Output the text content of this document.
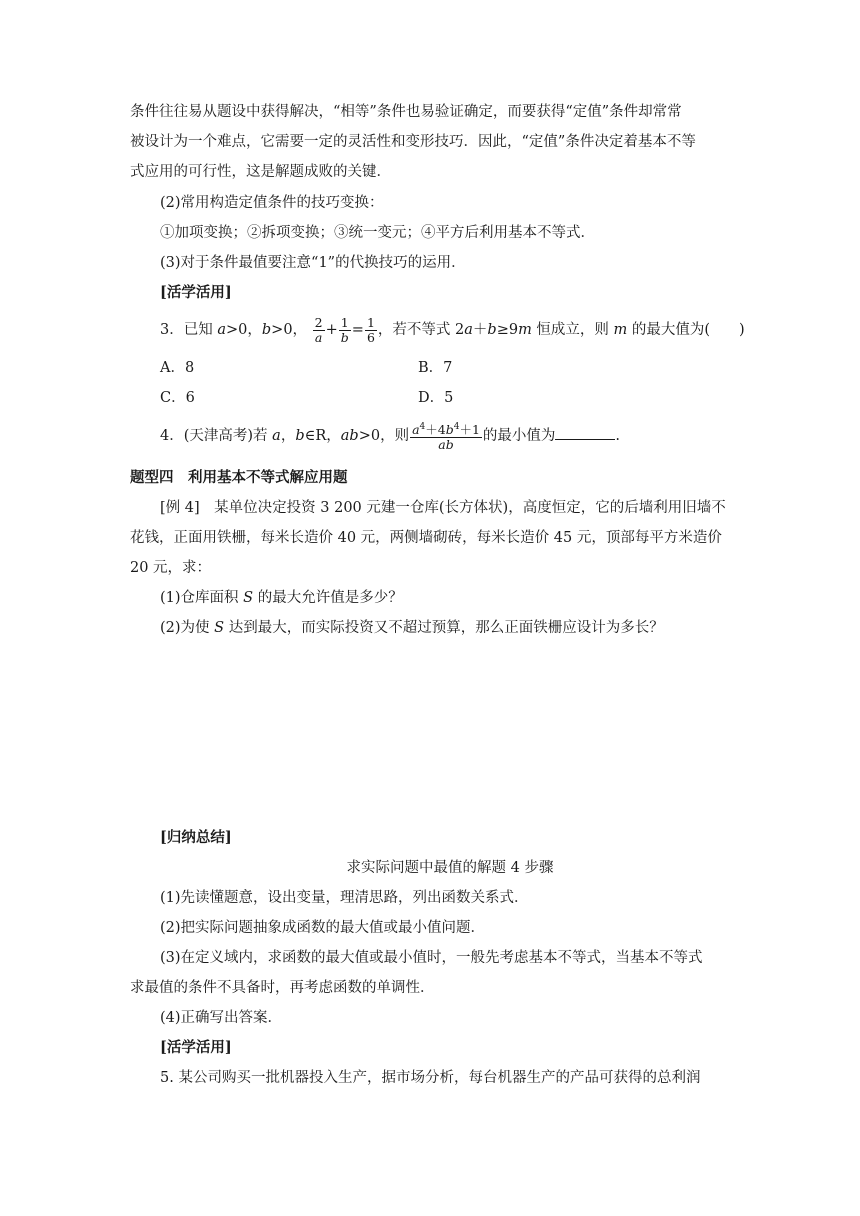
条件往往易从题设中获得解决，“相等”条件也易验证确定，而要获得“定值”条件却常常
被设计为一个难点，它需要一定的灵活性和变形技巧．因此，“定值”条件决定着基本不等
式应用的可行性，这是解题成败的关键．
(2)常用构造定值条件的技巧变换：
①加项变换；②拆项变换；③统一变元；④平方后利用基本不等式．
(3)对于条件最值要注意“1”的代换技巧的运用．
[活学活用]
3．已知 a>0，b>0， $\frac{2}{a} + \frac{1}{b} = \frac{1}{6}$ ，若不等式 2a＋b≥9m 恒成立，则 m 的最大值为(　　)
A．8	B．7
C．6	D．5
4．(天津高考)若 a，b∈R，ab>0，则 $\frac{a^4+4b^4+1}{ab}$ 的最小值为	.
题型四　利用基本不等式解应用题
[例 4]　某单位决定投资 3 200 元建一仓库(长方体状)，高度恒定，它的后墙利用旧墙不
花钱，正面用铁栅，每米长造价 40 元，两侧墙砌砖，每米长造价 45 元，顶部每平方米造价
20 元，求：
(1)仓库面积 S 的最大允许值是多少？
(2)为使 S 达到最大，而实际投资又不超过预算，那么正面铁栅应设计为多长？
[归纳总结]
求实际问题中最值的解题 4 步骤
(1)先读懂题意，设出变量，理清思路，列出函数关系式．
(2)把实际问题抽象成函数的最大值或最小值问题．
(3)在定义域内，求函数的最大值或最小值时，一般先考虑基本不等式，当基本不等式
求最值的条件不具备时，再考虑函数的单调性．
(4)正确写出答案．
[活学活用]
5. 某公司购买一批机器投入生产，据市场分析，每台机器生产的产品可获得的总利润
